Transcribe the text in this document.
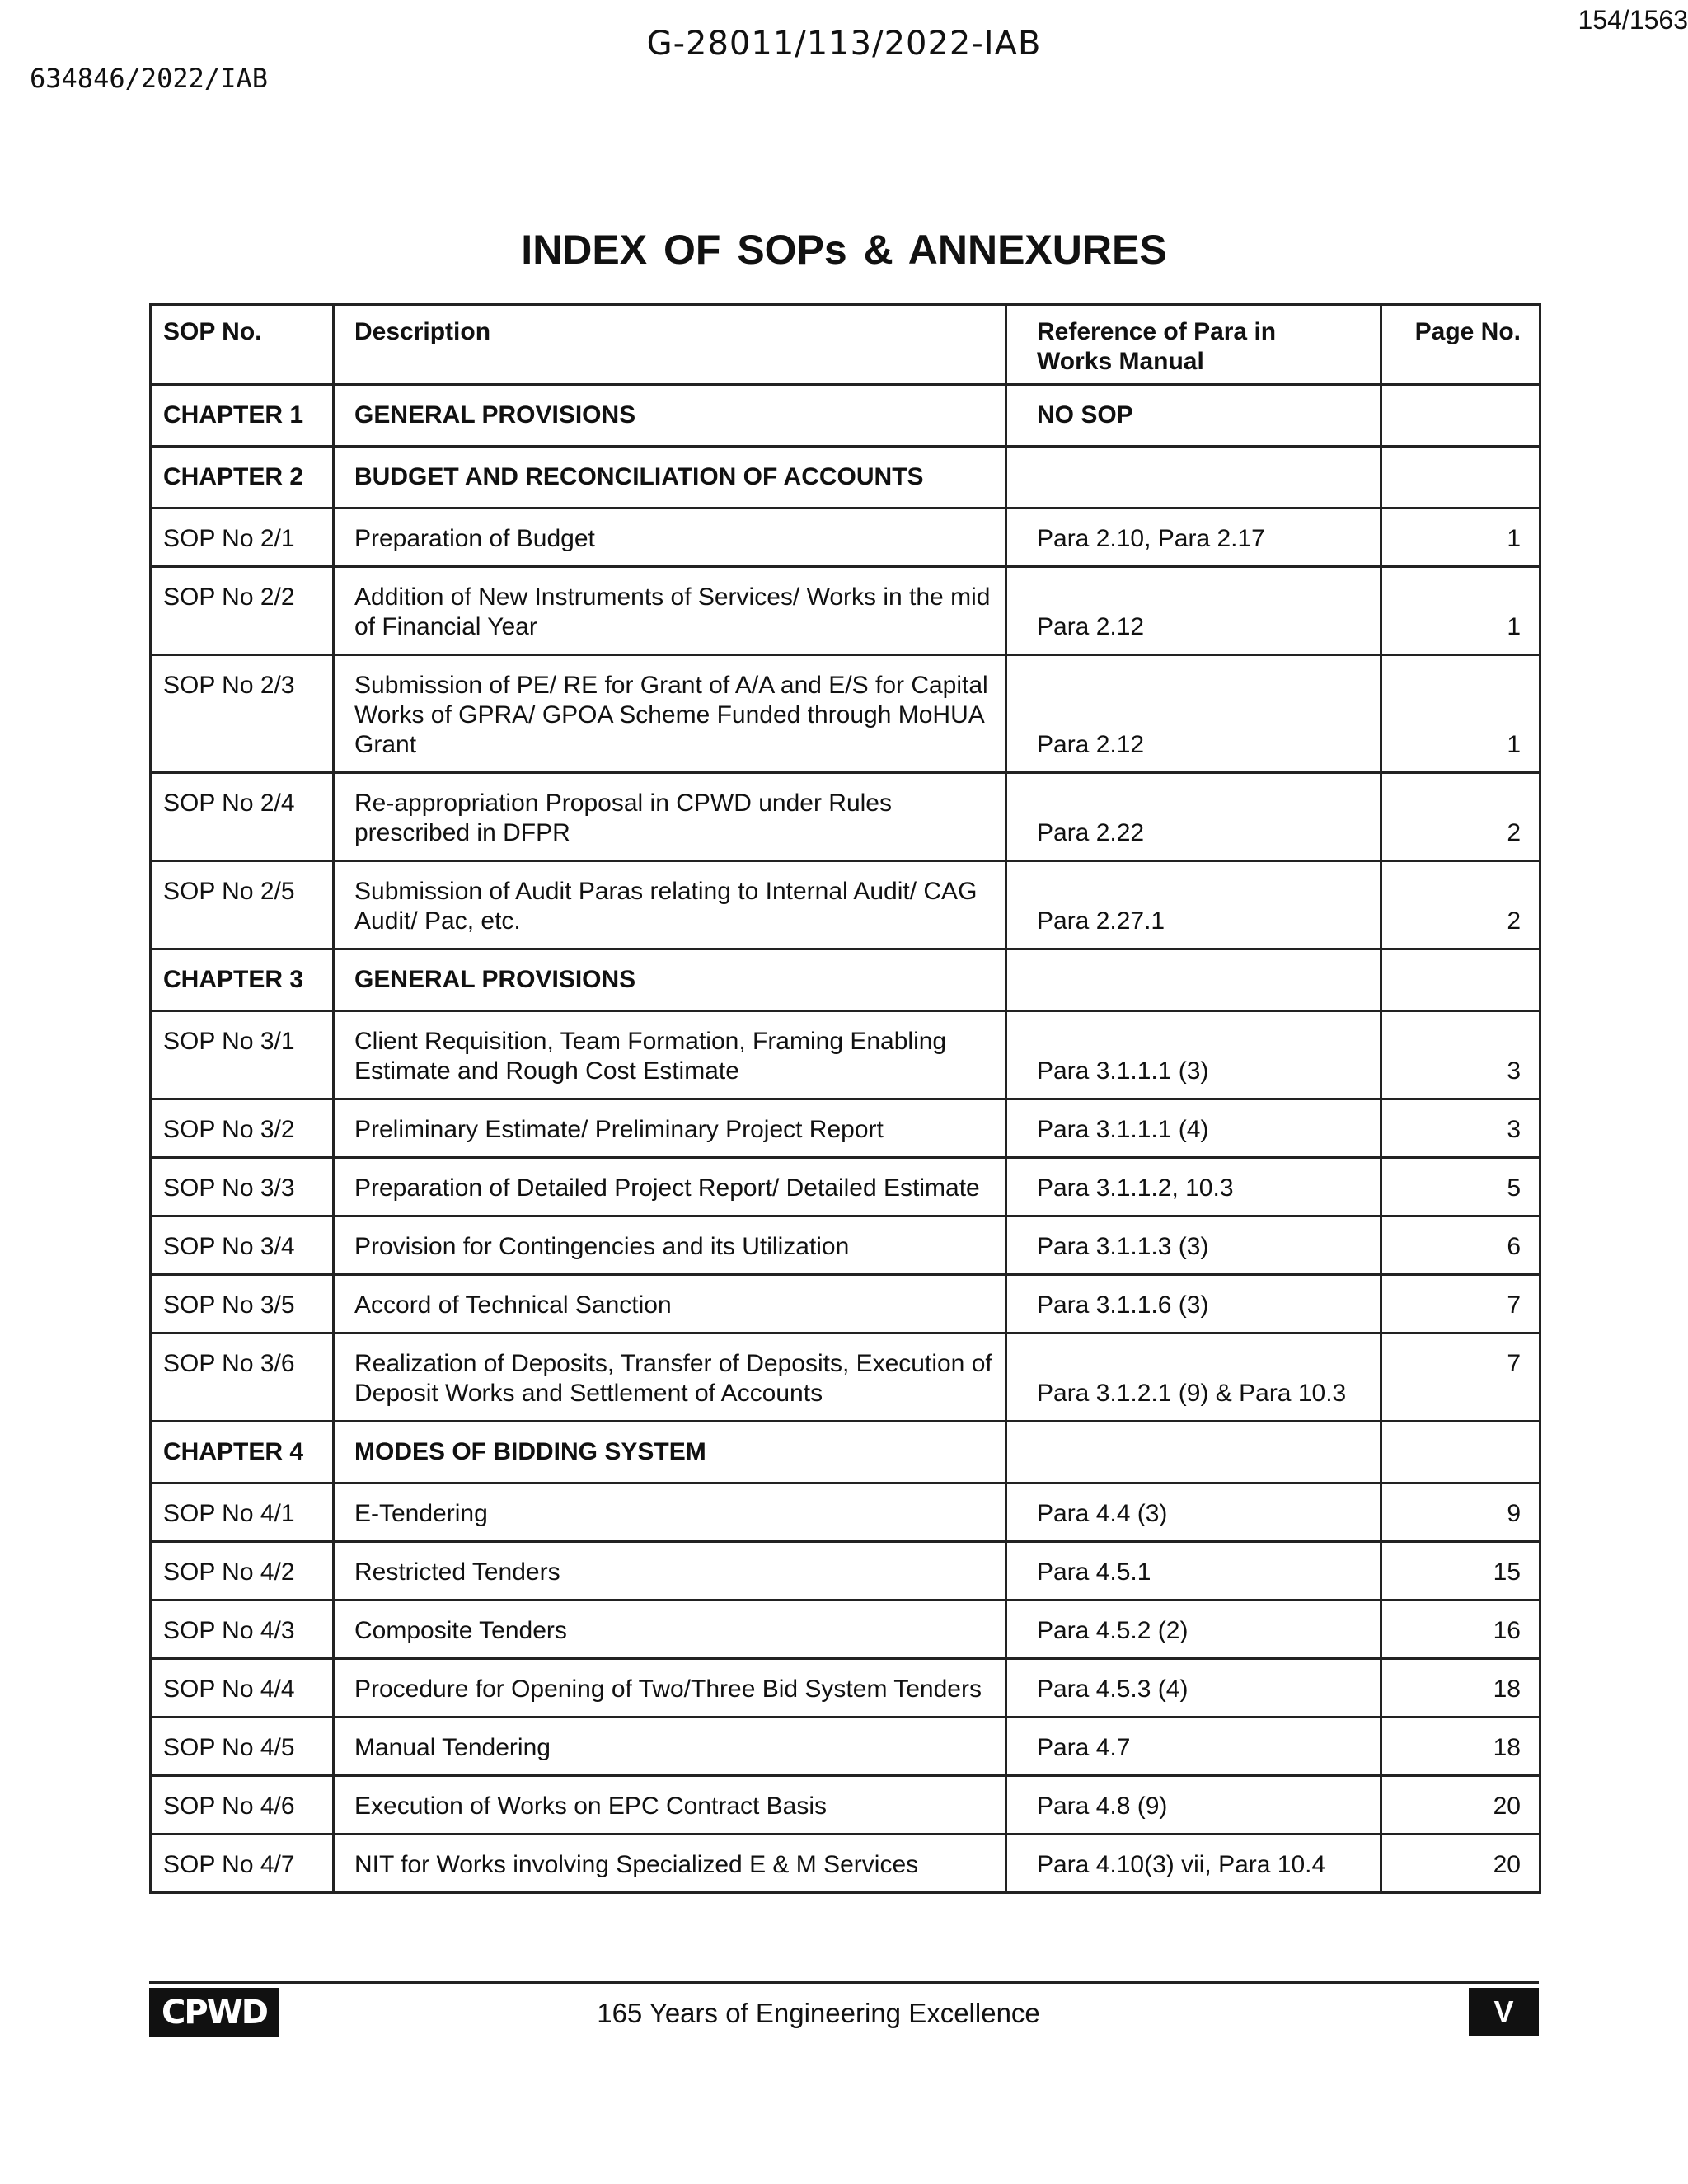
154/1563
G-28011/113/2022-IAB
634846/2022/IAB
INDEX OF SOPs & ANNEXURES
SOP No.	Description	Reference of Para in Works Manual	Page No.
CHAPTER 1	GENERAL PROVISIONS	NO SOP	
CHAPTER 2	BUDGET AND RECONCILIATION OF ACCOUNTS		
SOP No 2/1	Preparation of Budget	Para 2.10, Para 2.17	1
SOP No 2/2	Addition of New Instruments of Services/ Works in the mid of Financial Year	Para 2.12	1

SOP No 2/3	Submission of PE/ RE for Grant of A/A and E/S for Capital Works of GPRA/ GPOA Scheme Funded through MoHUA Grant	Para 2.12	1

SOP No 2/4	Re-appropriation Proposal in CPWD under Rules prescribed in DFPR	Para 2.22	2

SOP No 2/5	Submission of Audit Paras relating to Internal Audit/ CAG Audit/ Pac, etc.	Para 2.27.1	2

CHAPTER 3	GENERAL PROVISIONS		
SOP No 3/1	Client Requisition, Team Formation, Framing Enabling Estimate and Rough Cost Estimate	Para 3.1.1.1 (3)	3

SOP No 3/2	Preliminary Estimate/ Preliminary Project Report	Para 3.1.1.1 (4)	3
SOP No 3/3	Preparation of Detailed Project Report/ Detailed Estimate	Para 3.1.1.2, 10.3	5
SOP No 3/4	Provision for Contingencies and its Utilization	Para 3.1.1.3 (3)	6
SOP No 3/5	Accord of Technical Sanction	Para 3.1.1.6 (3)	7
SOP No 3/6	Realization of Deposits, Transfer of Deposits, Execution of Deposit Works and Settlement of Accounts	Para 3.1.2.1 (9) & Para 10.3	7
CHAPTER 4	MODES OF BIDDING SYSTEM		
SOP No 4/1	E-Tendering	Para 4.4 (3)	9
SOP No 4/2	Restricted Tenders	Para 4.5.1	15
SOP No 4/3	Composite Tenders	Para 4.5.2 (2)	16
SOP No 4/4	Procedure for Opening of Two/Three Bid System Tenders	Para 4.5.3 (4)	18
SOP No 4/5	Manual Tendering	Para 4.7	18
SOP No 4/6	Execution of Works on EPC Contract Basis	Para 4.8 (9)	20
SOP No 4/7	NIT for Works involving Specialized E & M Services	Para 4.10(3) vii, Para 10.4	20
CPWD	165 Years of Engineering Excellence	V
